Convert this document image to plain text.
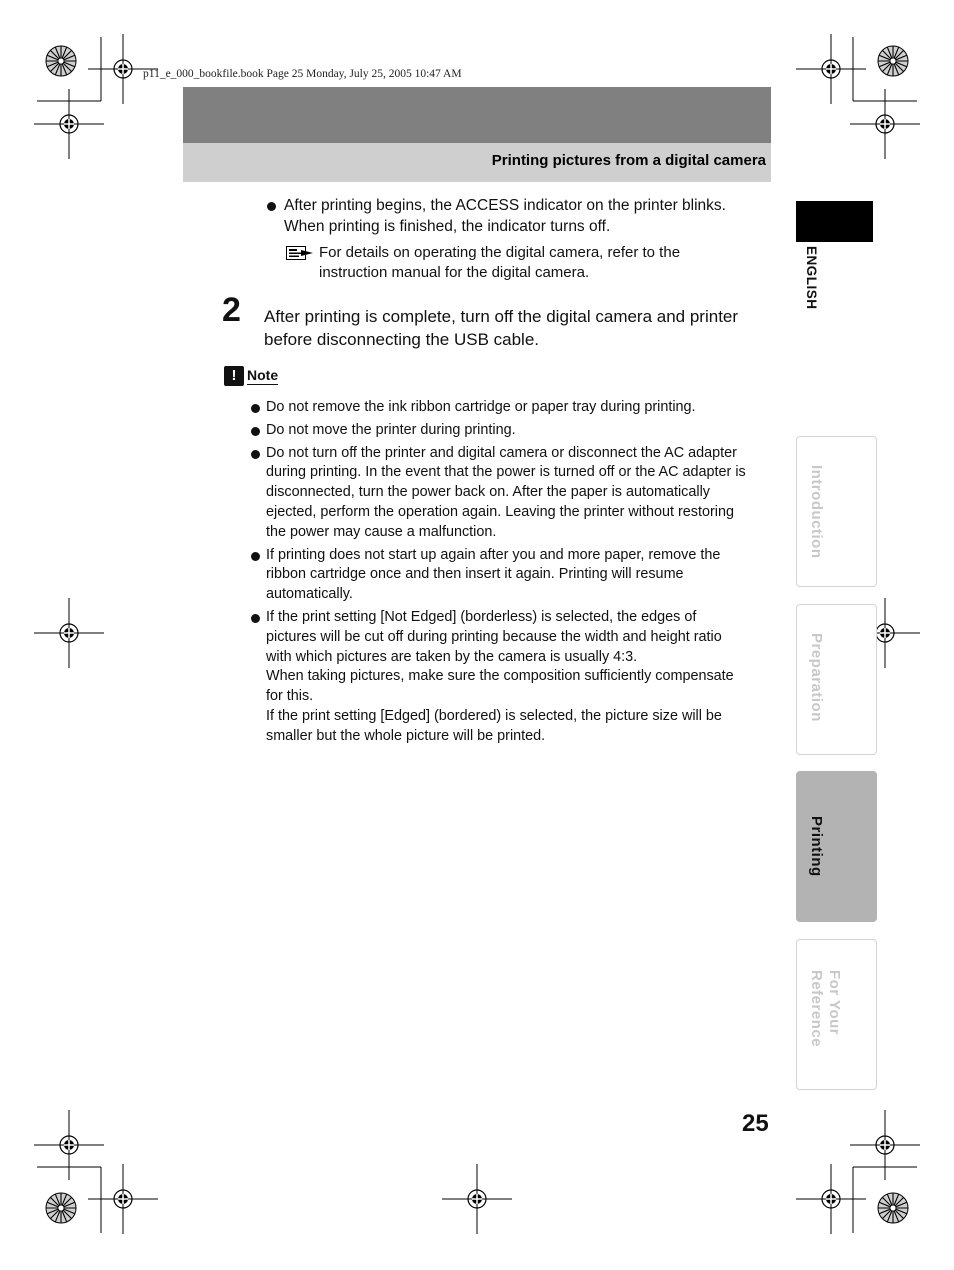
p11_e_000_bookfile.book Page 25 Monday, July 25, 2005 10:47 AM
Printing pictures from a digital camera
After printing begins, the ACCESS indicator on the printer blinks.
When printing is finished, the indicator turns off.
For details on operating the digital camera, refer to the
instruction manual for the digital camera.
2 After printing is complete, turn off the digital camera and printer
before disconnecting the USB cable.
! Note
Do not remove the ink ribbon cartridge or paper tray during printing.
Do not move the printer during printing.
Do not turn off the printer and digital camera or disconnect the AC adapter
during printing. In the event that the power is turned off or the AC adapter is
disconnected, turn the power back on. After the paper is automatically
ejected, perform the operation again. Leaving the printer without restoring
the power may cause a malfunction.
If printing does not start up again after you and more paper, remove the
ribbon cartridge once and then insert it again. Printing will resume
automatically.
If the print setting [Not Edged] (borderless) is selected, the edges of
pictures will be cut off during printing because the width and height ratio
with which pictures are taken by the camera is usually 4:3.
When taking pictures, make sure the composition sufficiently compensate
for this.
If the print setting [Edged] (bordered) is selected, the picture size will be
smaller but the whole picture will be printed.
ENGLISH
Introduction
Preparation
Printing
For Your
Reference
25
